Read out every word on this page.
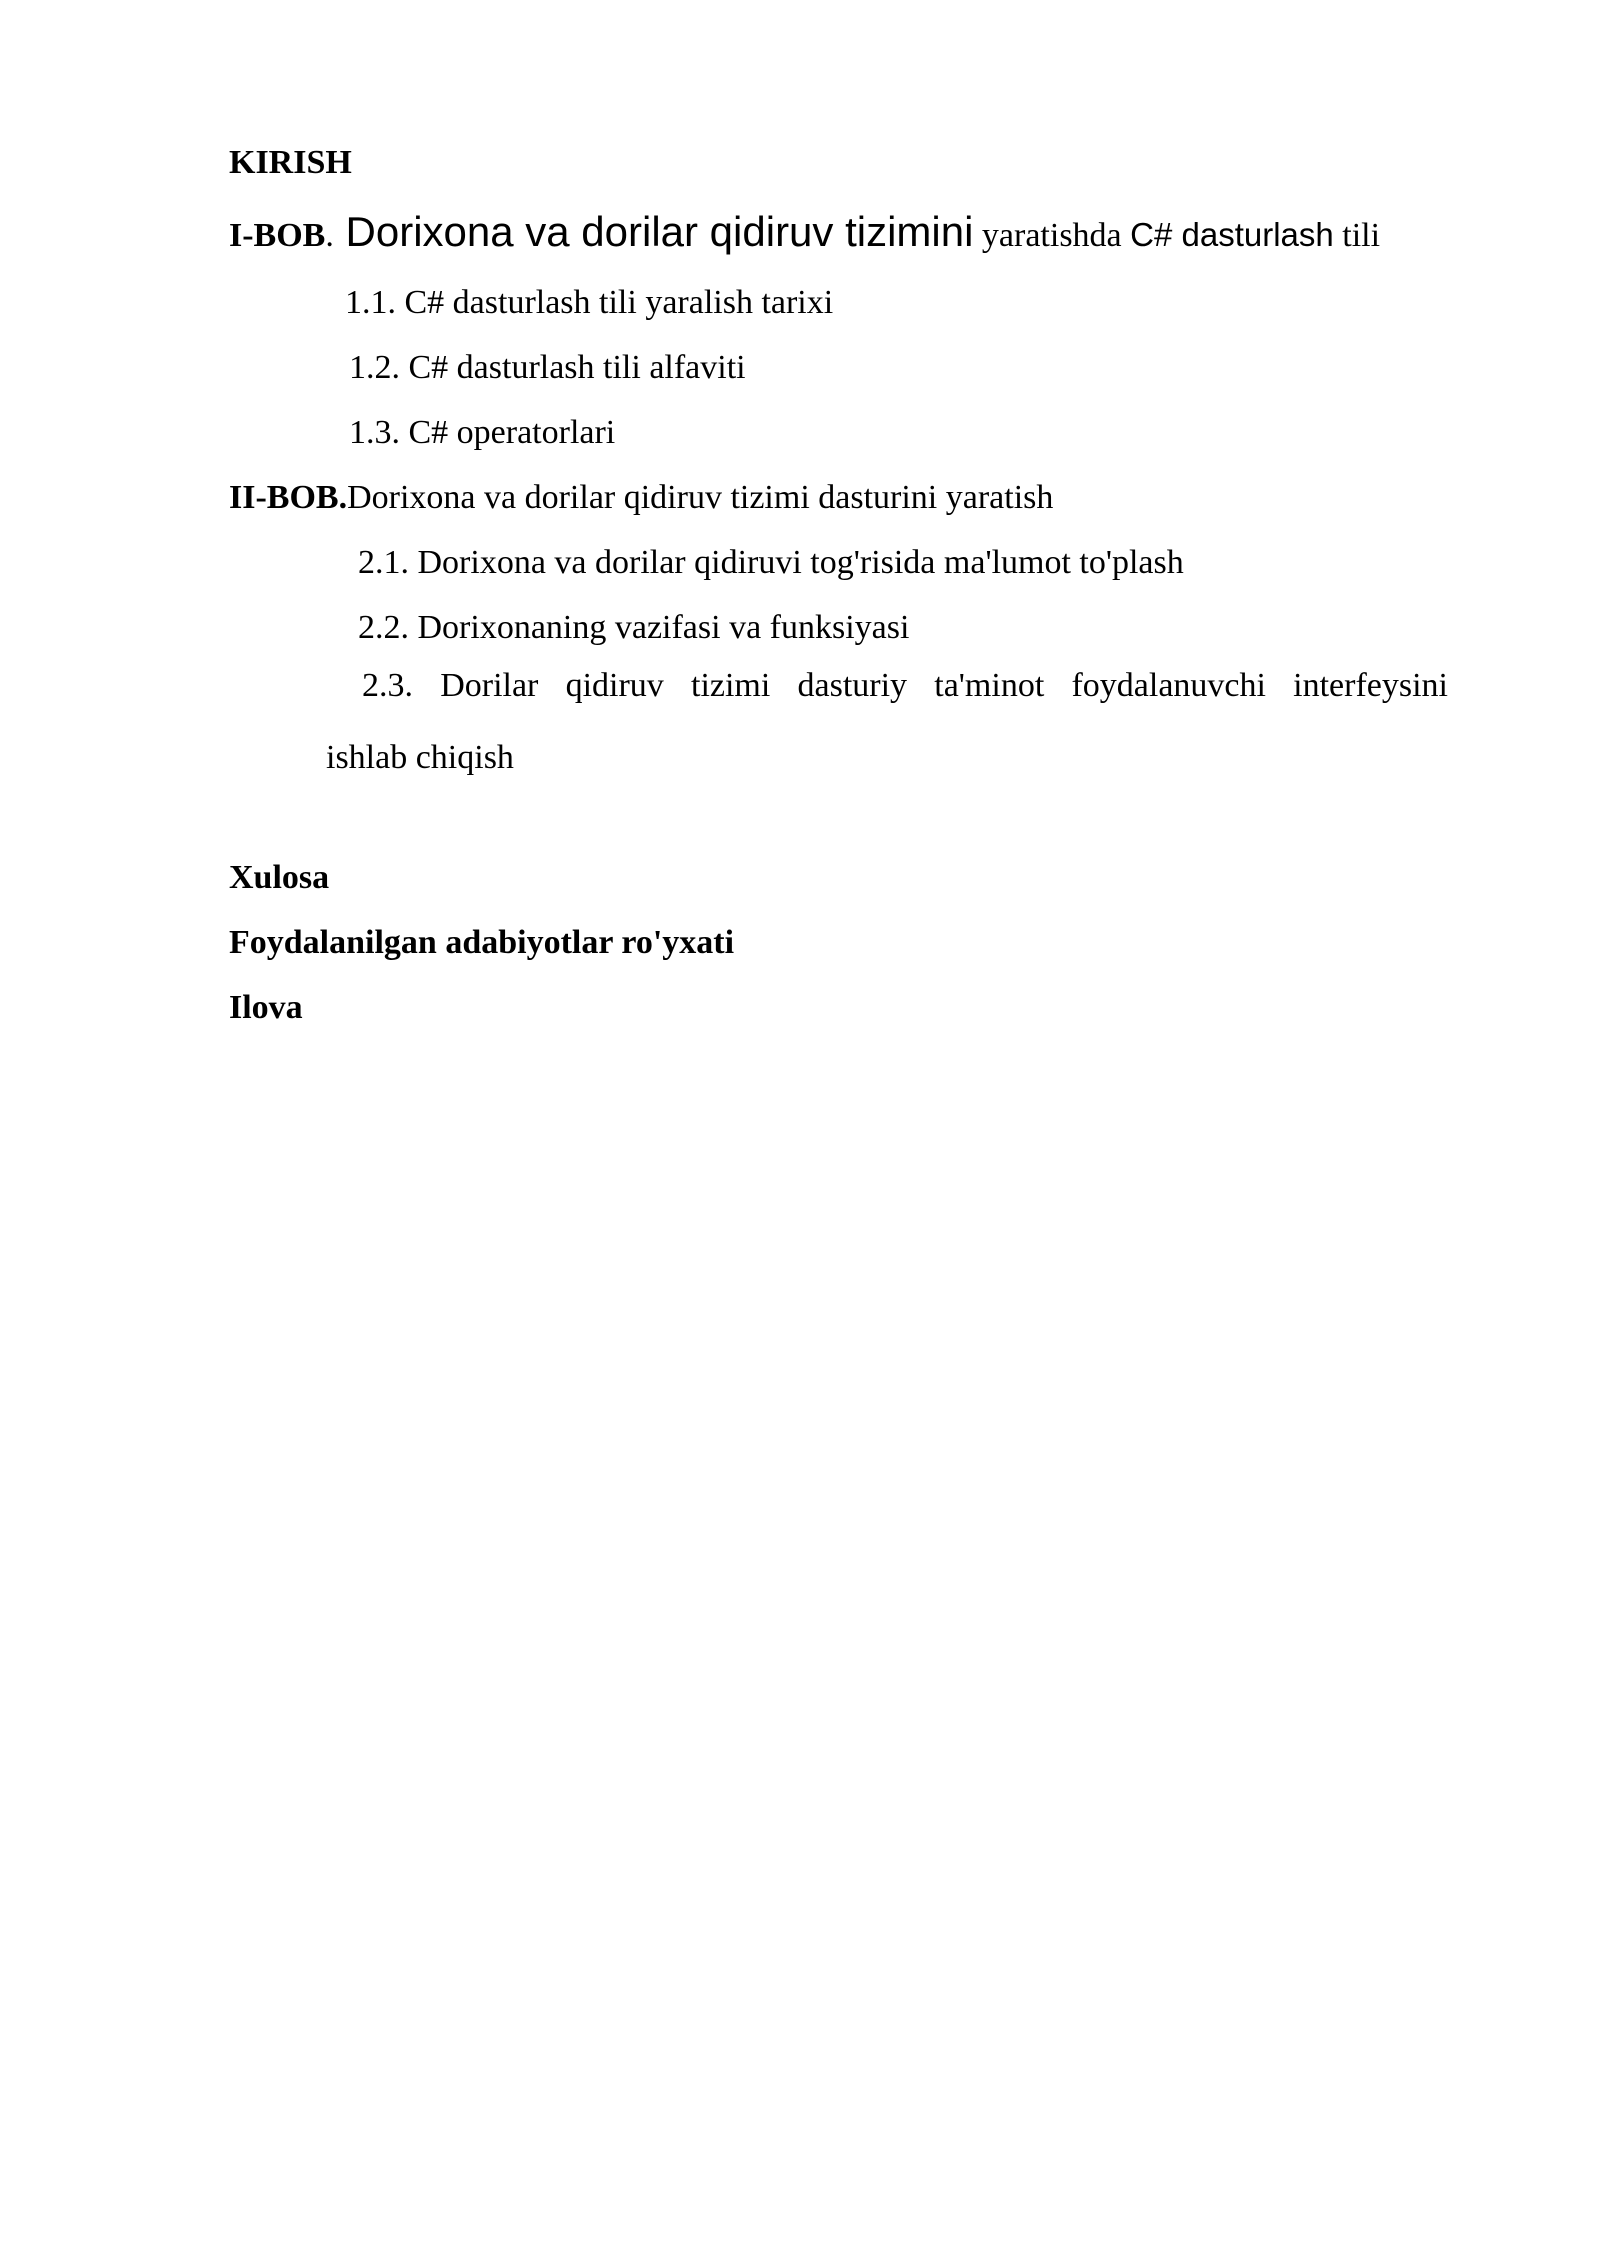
KIRISH
I-BOB. Dorixona va dorilar qidiruv tizimini yaratishda C# dasturlash tili
1.1. C# dasturlash tili yaralish tarixi
1.2. C# dasturlash tili alfaviti
1.3. C# operatorlari
II-BOB.Dorixona va dorilar qidiruv tizimi dasturini yaratish
2.1. Dorixona va dorilar qidiruvi tog'risida ma'lumot to'plash
2.2. Dorixonaning vazifasi va funksiyasi
2.3. Dorilar qidiruv tizimi dasturiy ta'minot foydalanuvchi interfeysini
ishlab chiqish
Xulosa
Foydalanilgan adabiyotlar ro'yxati
Ilova
